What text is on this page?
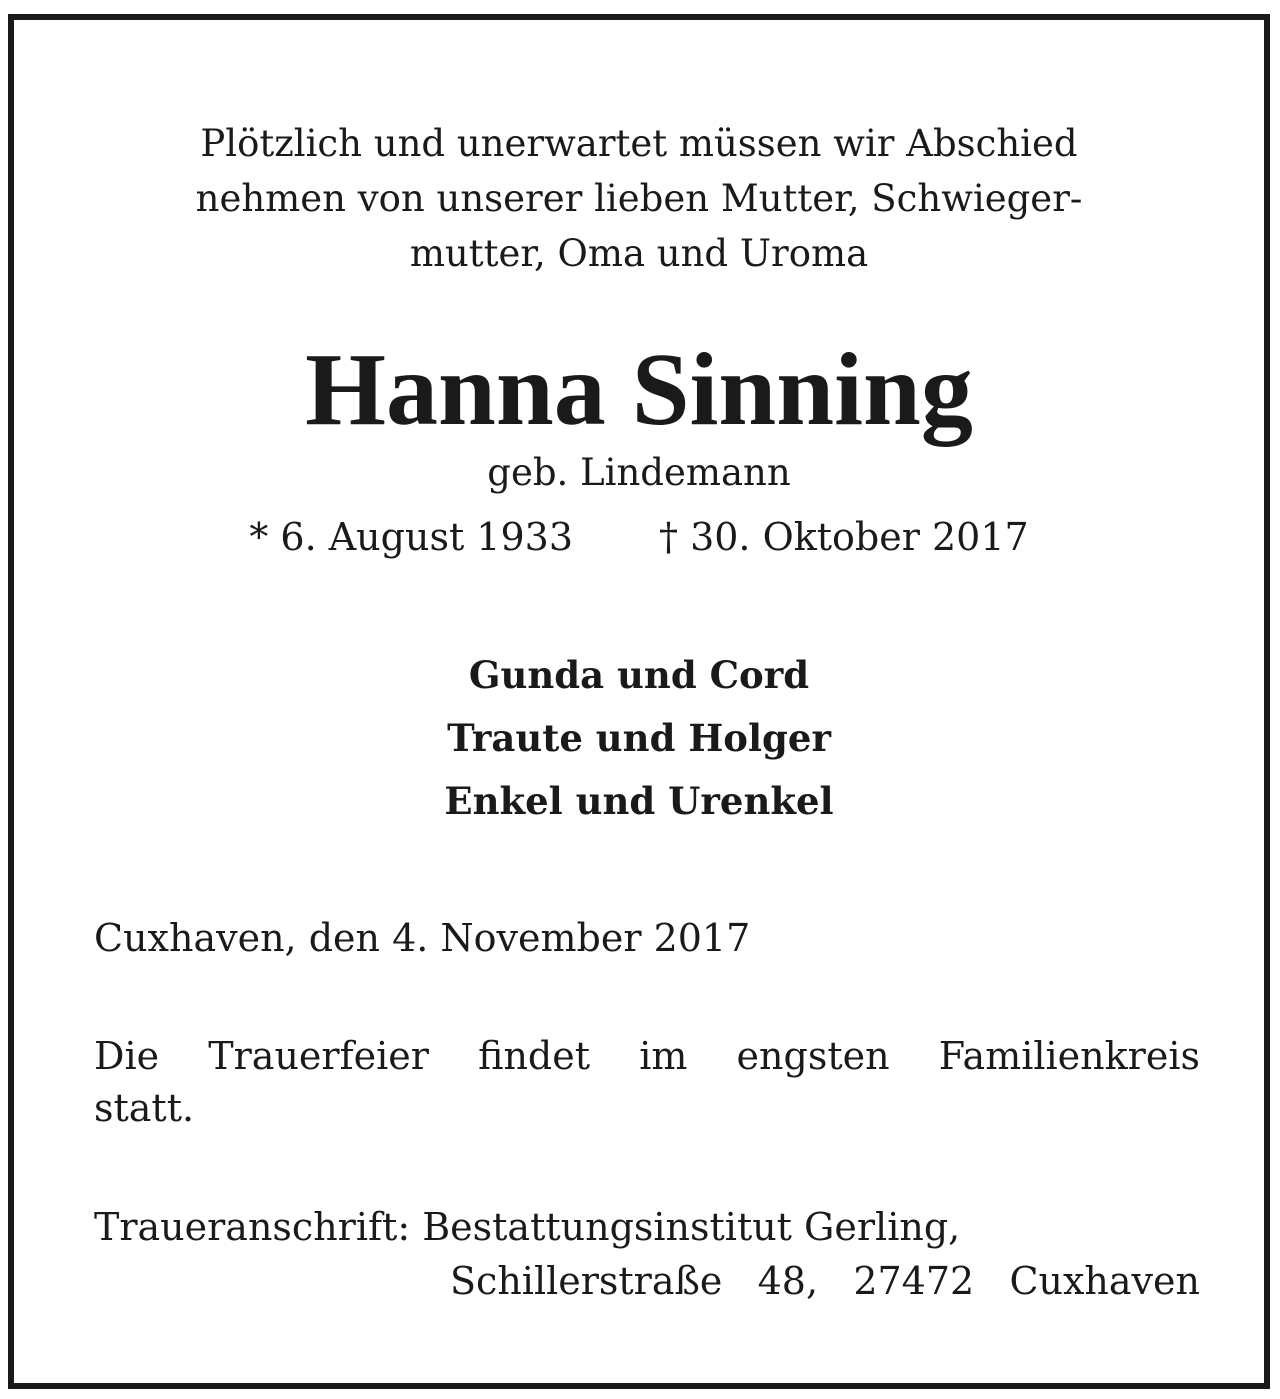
Plötzlich und unerwartet müssen wir Abschied
nehmen von unserer lieben Mutter, Schwieger-
mutter, Oma und Uroma
Hanna Sinning
geb. Lindemann
* 6. August 1933 † 30. Oktober 2017
Gunda und Cord
Traute und Holger
Enkel und Urenkel
Cuxhaven, den 4. November 2017
Die Trauerfeier findet im engsten Familienkreis
statt.
Traueranschrift: Bestattungsinstitut Gerling,
Schillerstraße 48, 27472 Cuxhaven
